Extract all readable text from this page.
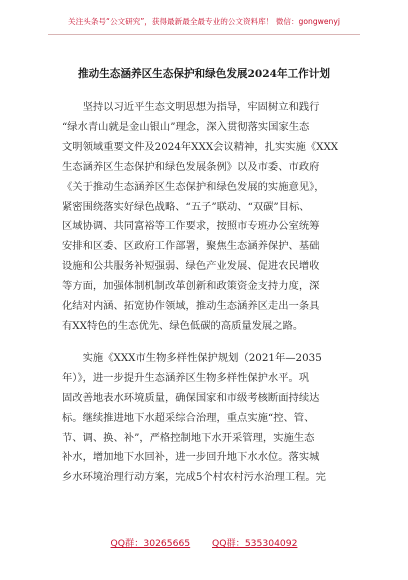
关注头条号“公文研究”，获得最新最全最专业的公文资料库！ 微信：gongwenyj
推动生态涵养区生态保护和绿色发展2024年工作计划

　　坚持以习近平生态文明思想为指导，牢固树立和践行
“绿水青山就是金山银山”理念，深入贯彻落实国家生态
文明领域重要文件及2024年XXX会议精神，扎实实施《XXX
生态涵养区生态保护和绿色发展条例》以及市委、市政府
《关于推动生态涵养区生态保护和绿色发展的实施意见》，
紧密围绕落实好绿色战略、“五子”联动、“双碳”目标、
区域协调、共同富裕等工作要求，按照市专班办公室统筹
安排和区委、区政府工作部署，聚焦生态涵养保护、基础
设施和公共服务补短强弱、绿色产业发展、促进农民增收
等方面，加强体制机制改革创新和政策资金支持力度，深
化结对内涵、拓宽协作领域，推动生态涵养区走出一条具
有XX特色的生态优先、绿色低碳的高质量发展之路。

　　实施《XXX市生物多样性保护规划（2021年—2035
年）》，进一步提升生态涵养区生物多样性保护水平。巩
固改善地表水环境质量，确保国家和市级考核断面持续达
标。继续推进地下水超采综合治理，重点实施“控、管、
节、调、换、补”，严格控制地下水开采管理，实施生态
补水，增加地下水回补，进一步回升地下水水位。落实城
乡水环境治理行动方案，完成5个村农村污水治理工程。完

QQ群：30265665 QQ群：535304092
